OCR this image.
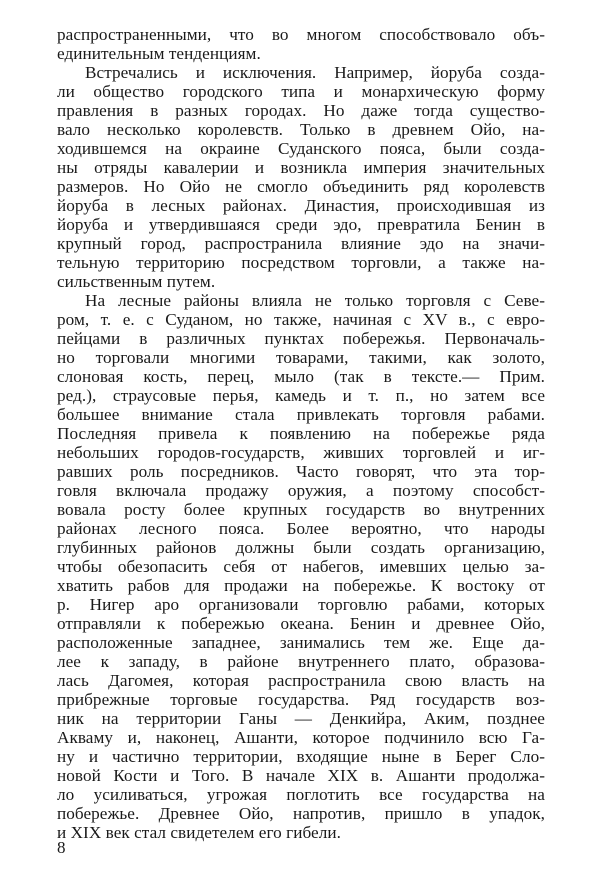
распространенными, что во многом способствовало объ-
единительным тенденциям.
Встречались и исключения. Например, йоруба созда-
ли общество городского типа и монархическую форму
правления в разных городах. Но даже тогда существо-
вало несколько королевств. Только в древнем Ойо, на-
ходившемся на окраине Суданского пояса, были созда-
ны отряды кавалерии и возникла империя значительных
размеров. Но Ойо не смогло объединить ряд королевств
йоруба в лесных районах. Династия, происходившая из
йоруба и утвердившаяся среди эдо, превратила Бенин в
крупный город, распространила влияние эдо на значи-
тельную территорию посредством торговли, а также на-
сильственным путем.
На лесные районы влияла не только торговля с Севе-
ром, т. е. с Суданом, но также, начиная с XV в., с евро-
пейцами в различных пунктах побережья. Первоначаль-
но торговали многими товарами, такими, как золото,
слоновая кость, перец, мыло (так в тексте.— Прим.
ред.), страусовые перья, камедь и т. п., но затем все
большее внимание стала привлекать торговля рабами.
Последняя привела к появлению на побережье ряда
небольших городов-государств, живших торговлей и иг-
равших роль посредников. Часто говорят, что эта тор-
говля включала продажу оружия, а поэтому способст-
вовала росту более крупных государств во внутренних
районах лесного пояса. Более вероятно, что народы
глубинных районов должны были создать организацию,
чтобы обезопасить себя от набегов, имевших целью за-
хватить рабов для продажи на побережье. К востоку от
р. Нигер аро организовали торговлю рабами, которых
отправляли к побережью океана. Бенин и древнее Ойо,
расположенные западнее, занимались тем же. Еще да-
лее к западу, в районе внутреннего плато, образова-
лась Дагомея, которая распространила свою власть на
прибрежные торговые государства. Ряд государств воз-
ник на территории Ганы — Денкийра, Аким, позднее
Акваму и, наконец, Ашанти, которое подчинило всю Га-
ну и частично территории, входящие ныне в Берег Сло-
новой Кости и Того. В начале XIX в. Ашанти продолжа-
ло усиливаться, угрожая поглотить все государства на
побережье. Древнее Ойо, напротив, пришло в упадок,
и XIX век стал свидетелем его гибели.
8
